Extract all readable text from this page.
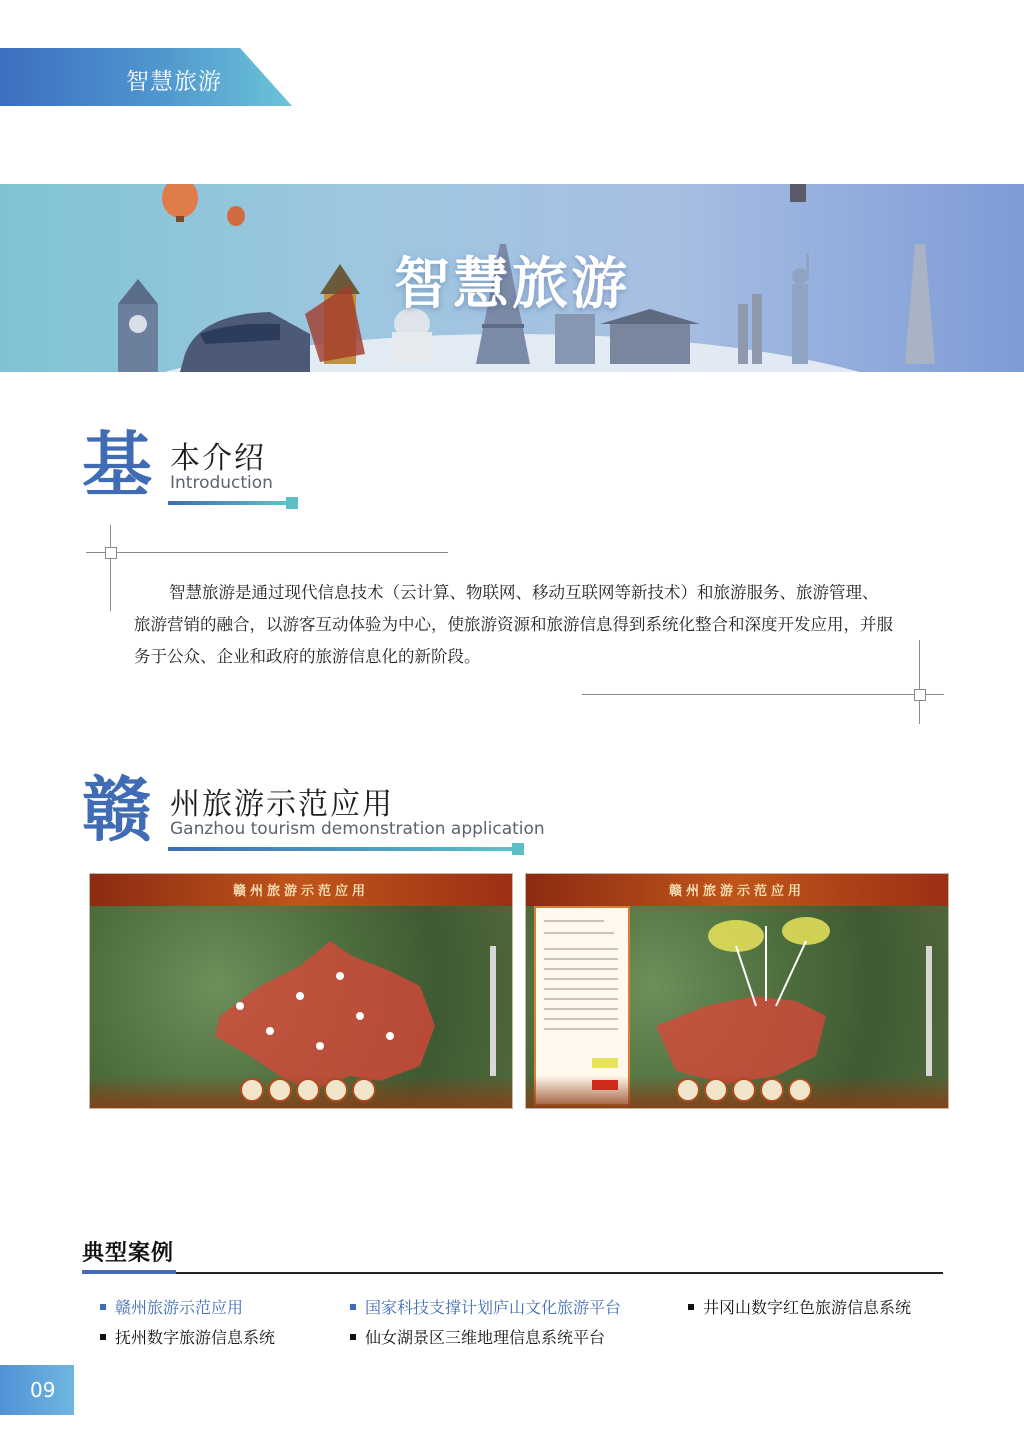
智慧旅游
智慧旅游
基 本介绍
Introduction
智慧旅游是通过现代信息技术（云计算、物联网、移动互联网等新技术）和旅游服务、旅游管理、旅游营销的融合，以游客互动体验为中心，使旅游资源和旅游信息得到系统化整合和深度开发应用，并服务于公众、企业和政府的旅游信息化的新阶段。
赣 州旅游示范应用
Ganzhou tourism demonstration application
赣州旅游示范应用	赣州旅游示范应用
典型案例
赣州旅游示范应用	国家科技支撑计划庐山文化旅游平台	井冈山数字红色旅游信息系统
抚州数字旅游信息系统	仙女湖景区三维地理信息系统平台
09
